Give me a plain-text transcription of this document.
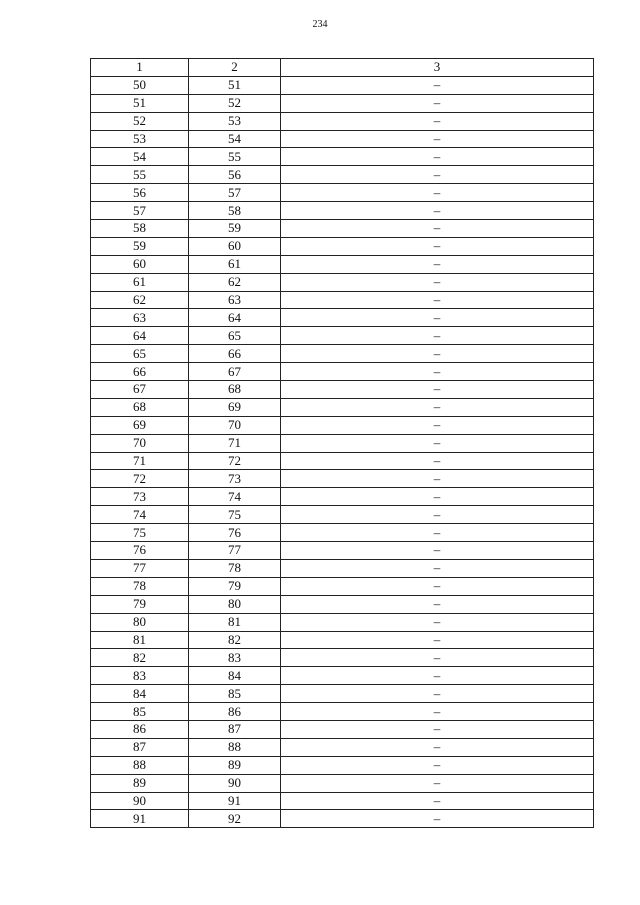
234
1	2	3
50	51	–
51	52	–
52	53	–
53	54	–
54	55	–
55	56	–
56	57	–
57	58	–
58	59	–
59	60	–
60	61	–
61	62	–
62	63	–
63	64	–
64	65	–
65	66	–
66	67	–
67	68	–
68	69	–
69	70	–
70	71	–
71	72	–
72	73	–
73	74	–
74	75	–
75	76	–
76	77	–
77	78	–
78	79	–
79	80	–
80	81	–
81	82	–
82	83	–
83	84	–
84	85	–
85	86	–
86	87	–
87	88	–
88	89	–
89	90	–
90	91	–
91	92	–
